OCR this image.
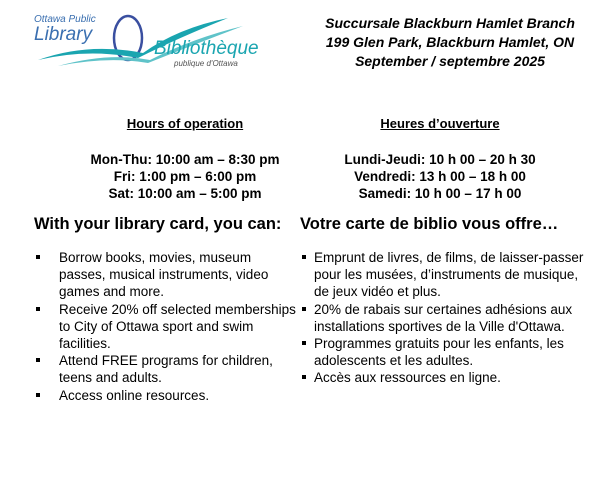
Ottawa Public
Library
Bibliothèque
publique d'Ottawa
Succursale Blackburn Hamlet Branch
199 Glen Park, Blackburn Hamlet, ON
September / septembre 2025
Hours of operation
Mon-Thu: 10:00 am – 8:30 pm
Fri: 1:00 pm – 6:00 pm
Sat: 10:00 am – 5:00 pm
Heures d’ouverture
Lundi-Jeudi: 10 h 00 – 20 h 30
Vendredi: 13 h 00 – 18 h 00
Samedi: 10 h 00 – 17 h 00
With your library card, you can:
Borrow books, movies, museum passes, musical instruments, video games and more.
Receive 20% off selected memberships to City of Ottawa sport and swim facilities.
Attend FREE programs for children, teens and adults.
Access online resources.
Votre carte de biblio vous offre…
Emprunt de livres, de films, de laisser-passer pour les musées, d’instruments de musique, de jeux vidéo et plus.
20% de rabais sur certaines adhésions aux installations sportives de la Ville d'Ottawa.
Programmes gratuits pour les enfants, les adolescents et les adultes.
Accès aux ressources en ligne.
